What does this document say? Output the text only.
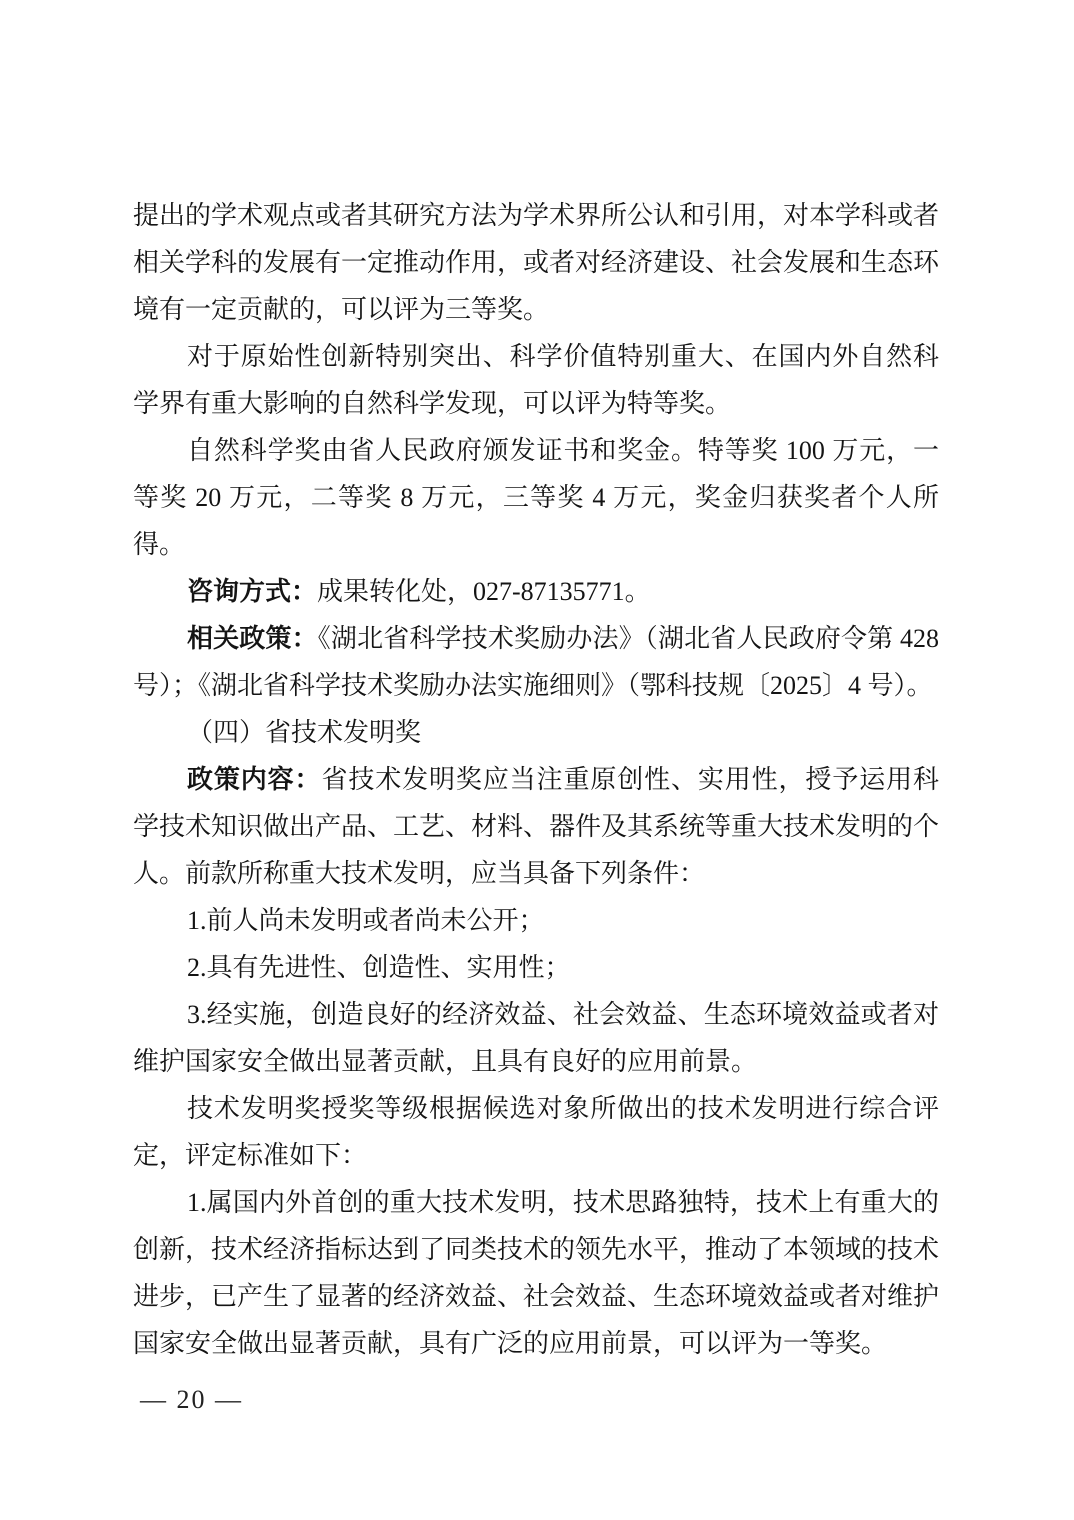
提出的学术观点或者其研究方法为学术界所公认和引用，对本学科或者相关学科的发展有一定推动作用，或者对经济建设、社会发展和生态环境有一定贡献的，可以评为三等奖。

对于原始性创新特别突出、科学价值特别重大、在国内外自然科学界有重大影响的自然科学发现，可以评为特等奖。

自然科学奖由省人民政府颁发证书和奖金。特等奖 100 万元，一等奖 20 万元，二等奖 8 万元，三等奖 4 万元，奖金归获奖者个人所得。

咨询方式：成果转化处，027-87135771。

相关政策：《湖北省科学技术奖励办法》（湖北省人民政府令第 428 号）；《湖北省科学技术奖励办法实施细则》（鄂科技规〔2025〕4 号）。

（四）省技术发明奖

政策内容：省技术发明奖应当注重原创性、实用性，授予运用科学技术知识做出产品、工艺、材料、器件及其系统等重大技术发明的个人。前款所称重大技术发明，应当具备下列条件：

1.前人尚未发明或者尚未公开；

2.具有先进性、创造性、实用性；

3.经实施，创造良好的经济效益、社会效益、生态环境效益或者对维护国家安全做出显著贡献，且具有良好的应用前景。

技术发明奖授奖等级根据候选对象所做出的技术发明进行综合评定，评定标准如下：

1.属国内外首创的重大技术发明，技术思路独特，技术上有重大的创新，技术经济指标达到了同类技术的领先水平，推动了本领域的技术进步，已产生了显著的经济效益、社会效益、生态环境效益或者对维护国家安全做出显著贡献，具有广泛的应用前景，可以评为一等奖。

— 20 —
